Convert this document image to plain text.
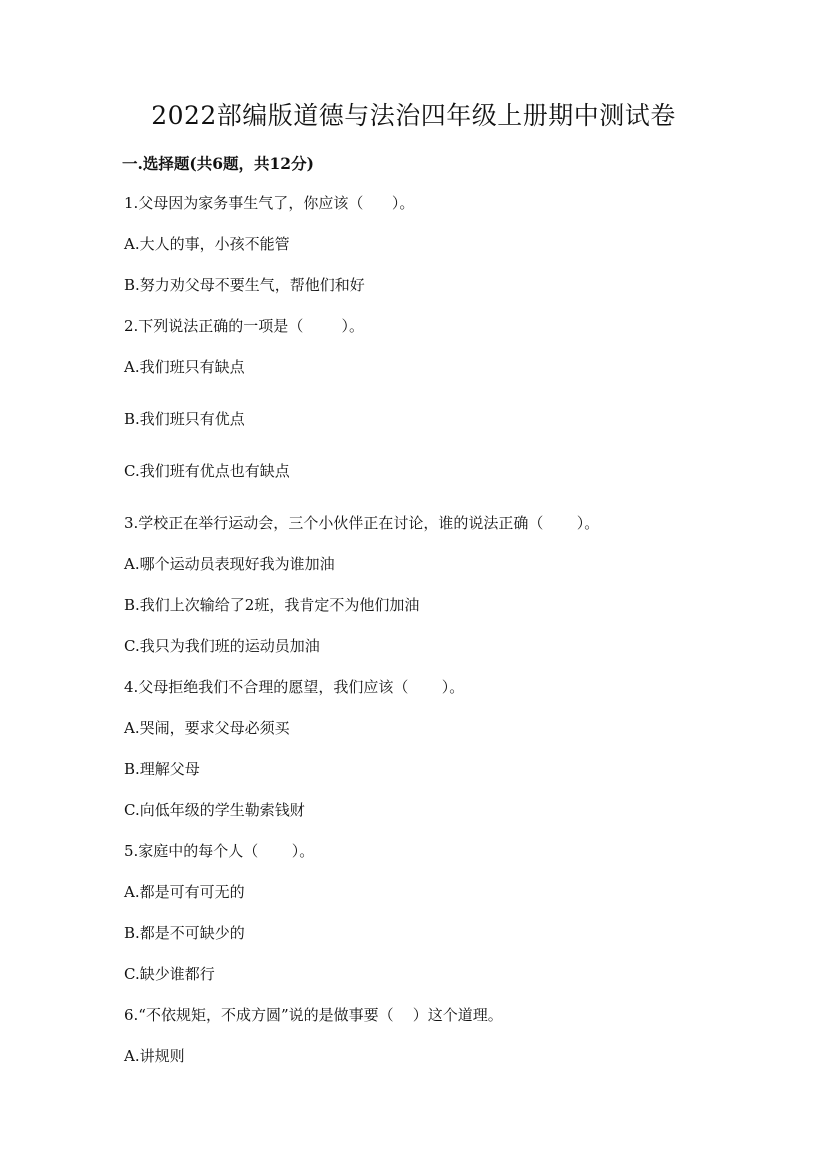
2022部编版道德与法治四年级上册期中测试卷
一.选择题(共6题，共12分)
1.父母因为家务事生气了，你应该（      ）。
A.大人的事，小孩不能管
B.努力劝父母不要生气，帮他们和好
2.下列说法正确的一项是（        ）。
A.我们班只有缺点
B.我们班只有优点
C.我们班有优点也有缺点
3.学校正在举行运动会，三个小伙伴正在讨论，谁的说法正确（       ）。
A.哪个运动员表现好我为谁加油
B.我们上次输给了2班，我肯定不为他们加油
C.我只为我们班的运动员加油
4.父母拒绝我们不合理的愿望，我们应该（       ）。
A.哭闹，要求父母必须买
B.理解父母
C.向低年级的学生勒索钱财
5.家庭中的每个人（       ）。
A.都是可有可无的
B.都是不可缺少的
C.缺少谁都行
6.“不依规矩，不成方圆”说的是做事要（    ）这个道理。
A.讲规则
